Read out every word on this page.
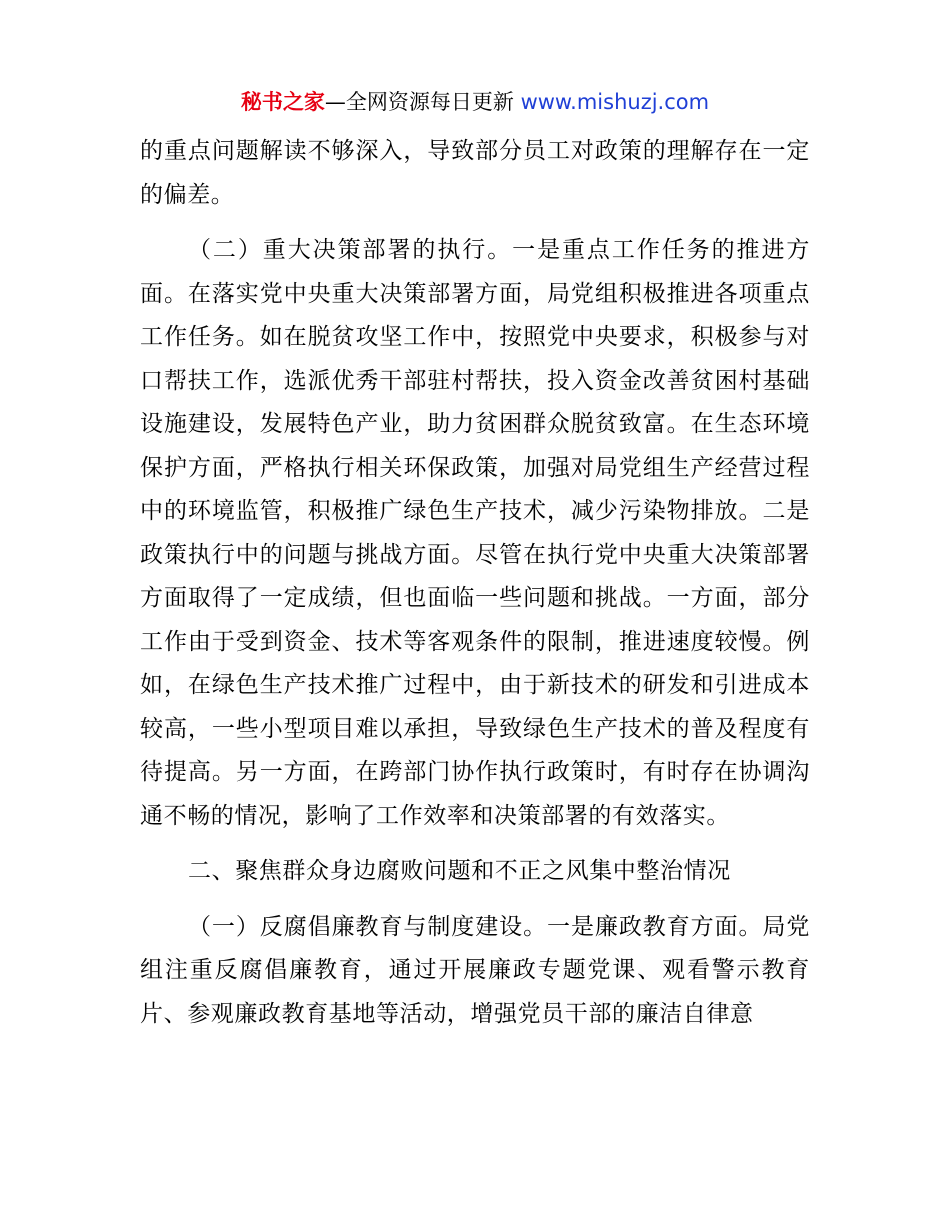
秘书之家—全网资源每日更新 www.mishuzj.com

的重点问题解读不够深入，导致部分员工对政策的理解存在一定的偏差。

（二）重大决策部署的执行。一是重点工作任务的推进方面。在落实党中央重大决策部署方面，局党组积极推进各项重点工作任务。如在脱贫攻坚工作中，按照党中央要求，积极参与对口帮扶工作，选派优秀干部驻村帮扶，投入资金改善贫困村基础设施建设，发展特色产业，助力贫困群众脱贫致富。在生态环境保护方面，严格执行相关环保政策，加强对局党组生产经营过程中的环境监管，积极推广绿色生产技术，减少污染物排放。二是政策执行中的问题与挑战方面。尽管在执行党中央重大决策部署方面取得了一定成绩，但也面临一些问题和挑战。一方面，部分工作由于受到资金、技术等客观条件的限制，推进速度较慢。例如，在绿色生产技术推广过程中，由于新技术的研发和引进成本较高，一些小型项目难以承担，导致绿色生产技术的普及程度有待提高。另一方面，在跨部门协作执行政策时，有时存在协调沟通不畅的情况，影响了工作效率和决策部署的有效落实。

二、聚焦群众身边腐败问题和不正之风集中整治情况

（一）反腐倡廉教育与制度建设。一是廉政教育方面。局党组注重反腐倡廉教育，通过开展廉政专题党课、观看警示教育片、参观廉政教育基地等活动，增强党员干部的廉洁自律意
